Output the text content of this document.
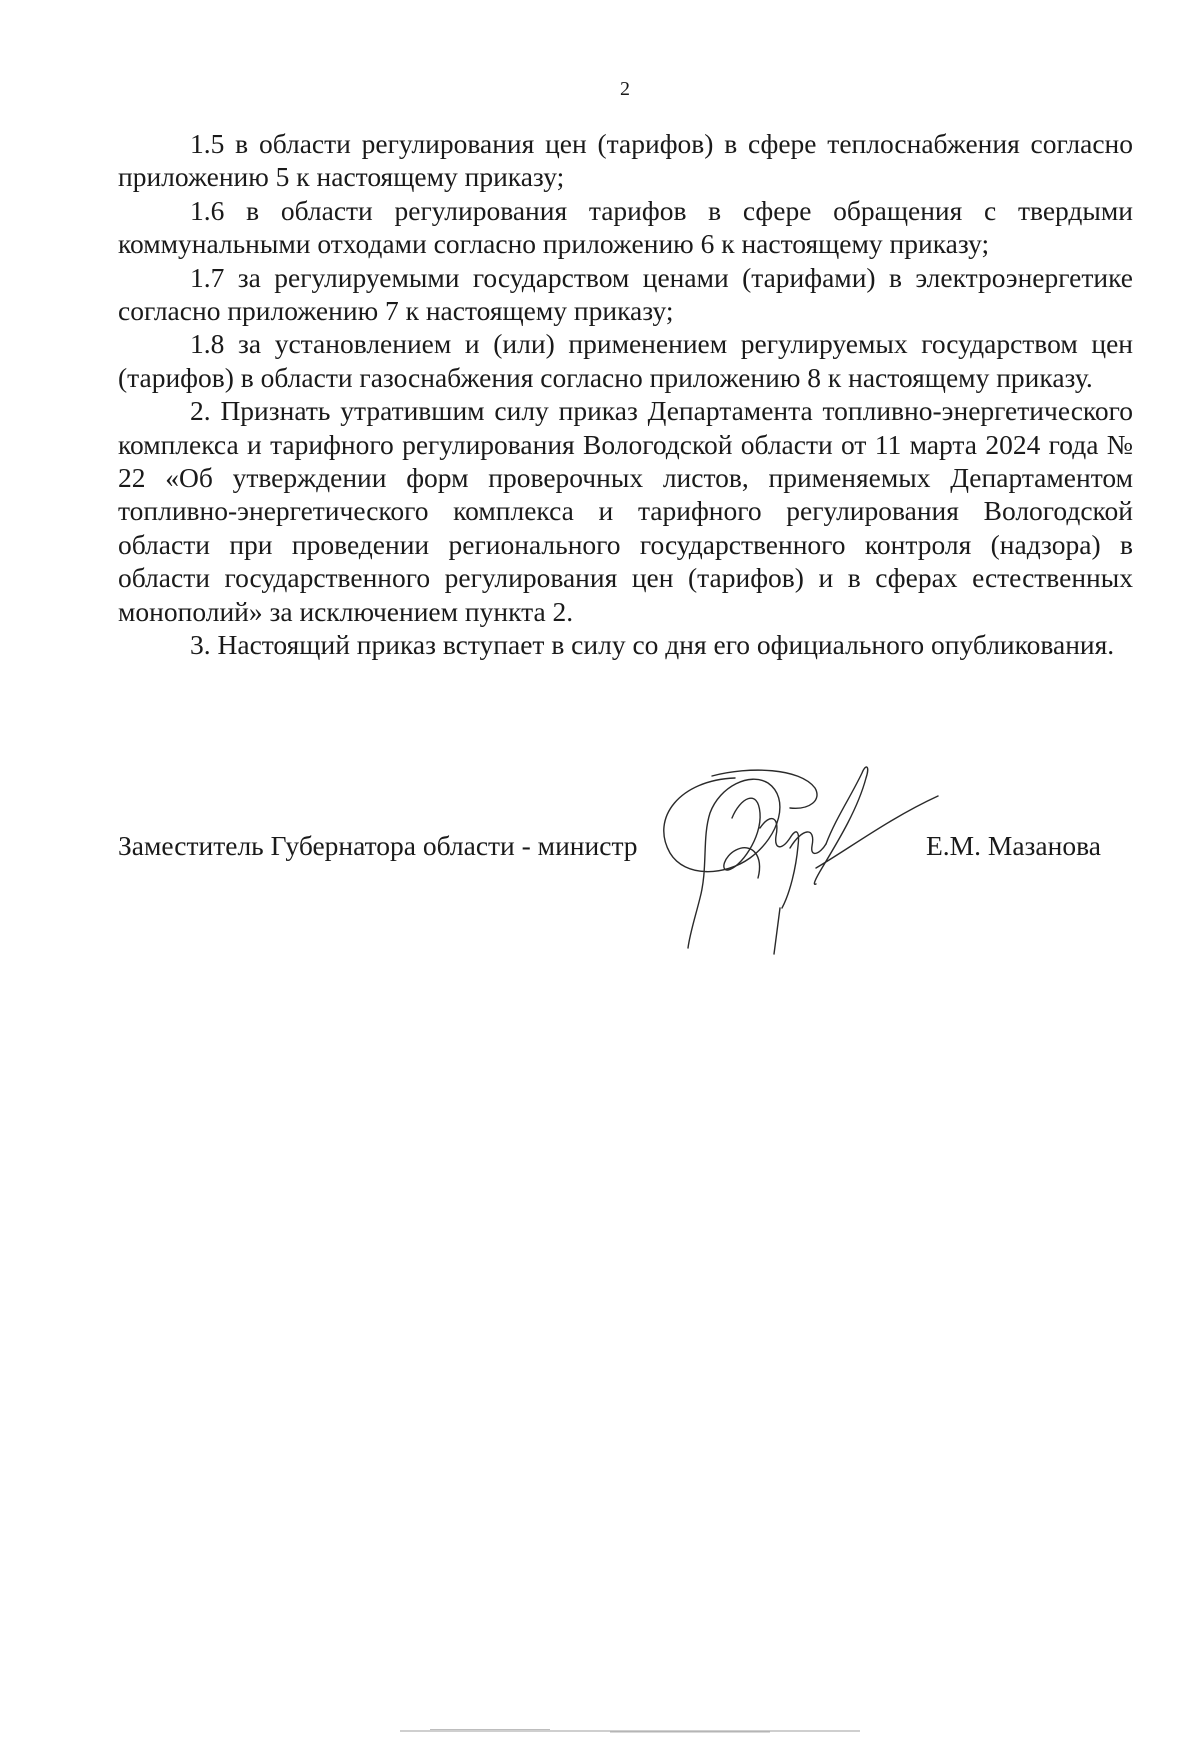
2

1.5 в области регулирования цен (тарифов) в сфере теплоснабжения согласно приложению 5 к настоящему приказу;

1.6 в области регулирования тарифов в сфере обращения с твердыми коммунальными отходами согласно приложению 6 к настоящему приказу;

1.7 за регулируемыми государством ценами (тарифами) в электроэнергетике согласно приложению 7 к настоящему приказу;

1.8 за установлением и (или) применением регулируемых государством цен (тарифов) в области газоснабжения согласно приложению 8 к настоящему приказу.

2. Признать утратившим силу приказ Департамента топливно-энергетического комплекса и тарифного регулирования Вологодской области от 11 марта 2024 года № 22 «Об утверждении форм проверочных листов, применяемых Департаментом топливно-энергетического комплекса и тарифного регулирования Вологодской области при проведении регионального государственного контроля (надзора) в области государственного регулирования цен (тарифов) и в сферах естественных монополий» за исключением пункта 2.

3. Настоящий приказ вступает в силу со дня его официального опубликования.

Заместитель Губернатора области - министр	Е.М. Мазанова
